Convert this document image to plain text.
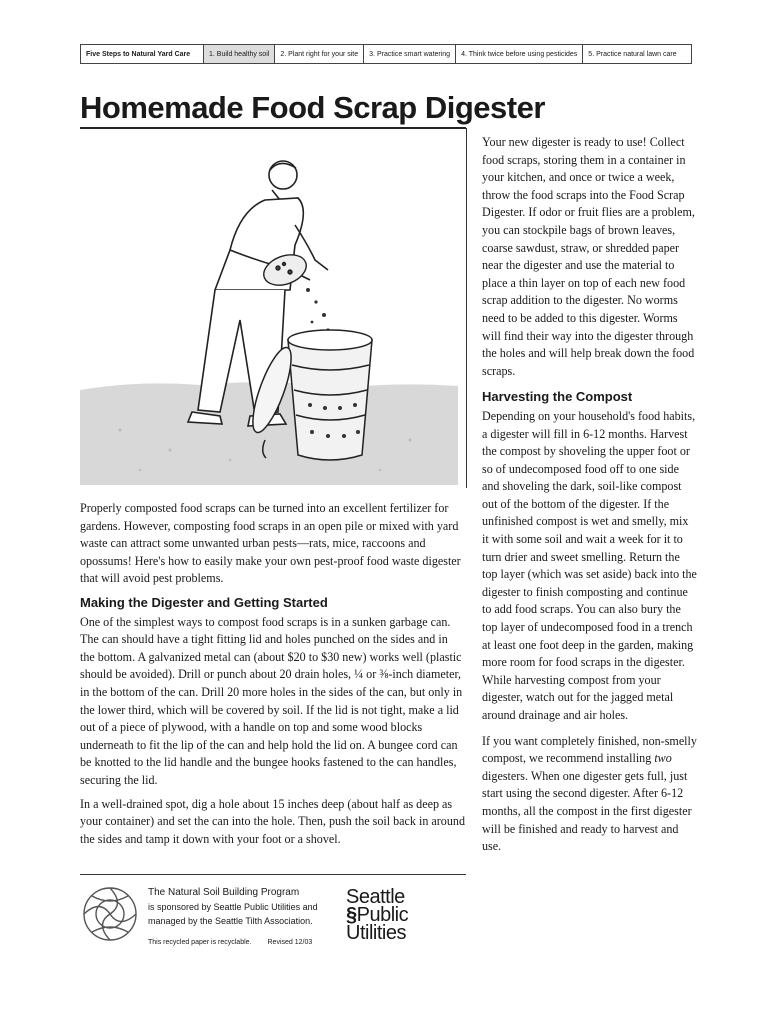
Five Steps to Natural Yard Care	1. Build healthy soil	2. Plant right for your site	3. Practice smart watering	4. Think twice before using pesticides	5. Practice natural lawn care
Homemade Food Scrap Digester

Properly composted food scraps can be turned into an excellent fertilizer for gardens. However, composting food scraps in an open pile or mixed with yard waste can attract some unwanted urban pests—rats, mice, raccoons and opossums! Here's how to easily make your own pest-proof food waste digester that will avoid pest problems.

Making the Digester and Getting Started

One of the simplest ways to compost food scraps is in a sunken garbage can. The can should have a tight fitting lid and holes punched on the sides and in the bottom. A galvanized metal can (about $20 to $30 new) works well (plastic should be avoided). Drill or punch about 20 drain holes, ¼ or ⅜-inch diameter, in the bottom of the can. Drill 20 more holes in the sides of the can, but only in the lower third, which will be covered by soil. If the lid is not tight, make a lid out of a piece of plywood, with a handle on top and some wood blocks underneath to fit the lip of the can and help hold the lid on. A bungee cord can be knotted to the lid handle and the bungee hooks fastened to the can handles, securing the lid.

In a well-drained spot, dig a hole about 15 inches deep (about half as deep as your container) and set the can into the hole. Then, push the soil back in around the sides and tamp it down with your foot or a shovel.

Your new digester is ready to use! Collect food scraps, storing them in a container in your kitchen, and once or twice a week, throw the food scraps into the Food Scrap Digester. If odor or fruit flies are a problem, you can stockpile bags of brown leaves, coarse sawdust, straw, or shredded paper near the digester and use the material to place a thin layer on top of each new food scrap addition to the digester. No worms need to be added to this digester. Worms will find their way into the digester through the holes and will help break down the food scraps.

Harvesting the Compost

Depending on your household's food habits, a digester will fill in 6-12 months. Harvest the compost by shoveling the upper foot or so of undecomposed food off to one side and shoveling the dark, soil-like compost out of the bottom of the digester. If the unfinished compost is wet and smelly, mix it with some soil and wait a week for it to turn drier and sweet smelling. Return the top layer (which was set aside) back into the digester to finish composting and continue to add food scraps. You can also bury the top layer of undecomposed food in a trench at least one foot deep in the garden, making more room for food scraps in the digester. While harvesting compost from your digester, watch out for the jagged metal around drainage and air holes.

If you want completely finished, non-smelly compost, we recommend installing two digesters. When one digester gets full, just start using the second digester. After 6-12 months, all the compost in the first digester will be finished and ready to harvest and use.

The Natural Soil Building Program
is sponsored by Seattle Public Utilities and
managed by the Seattle Tilth Association.
This recycled paper is recyclable. Revised 12/03
Seattle
§Public
Utilities
